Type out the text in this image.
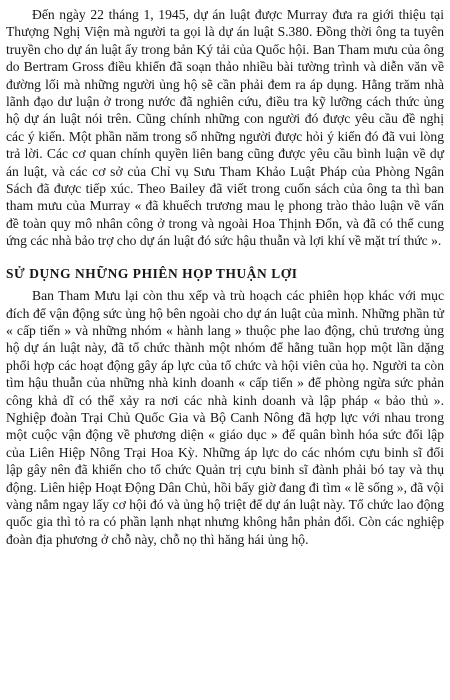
Đến ngày 22 tháng 1, 1945, dự án luật được Murray đưa ra giới thiệu tại Thượng Nghị Viện mà người ta gọi là dự án luật S.380. Đồng thời ông ta tuyên truyền cho dự án luật ấy trong bản Ký tải của Quốc hội. Ban Tham mưu của ông do Bertram Gross điều khiển đã soạn thảo nhiều bài tường trình và diễn văn về đường lối mà những người ủng hộ sẽ cần phải đem ra áp dụng. Hằng trăm nhà lãnh đạo dư luận ở trong nước đã nghiên cứu, điều tra kỹ lưỡng cách thức ủng hộ dự án luật nói trên. Cũng chính những con người đó được yêu cầu đề nghị các ý kiến. Một phần năm trong số những người được hỏi ý kiến đó đã vui lòng trả lời. Các cơ quan chính quyền liên bang cũng được yêu cầu bình luận về dự án luật, và các cơ sở của Chỉ vụ Sưu Tham Khảo Luật Pháp của Phòng Ngân Sách đã được tiếp xúc. Theo Bailey đã viết trong cuốn sách của ông ta thì ban tham mưu của Murray « đã khuếch trương mau lẹ phong trào thảo luận về vấn đề toàn quy mô nhân công ở trong và ngoài Hoa Thịnh Đốn, và đã có thể cung ứng các nhà bảo trợ cho dự án luật đó sức hậu thuẫn và lợi khí về mặt trí thức ».

SỬ DỤNG NHỮNG PHIÊN HỌP THUẬN LỢI

Ban Tham Mưu lại còn thu xếp và trù hoạch các phiên họp khác với mục đích để vận động sức ủng hộ bên ngoài cho dự án luật của mình. Những phần tử « cấp tiến » và những nhóm « hành lang » thuộc phe lao động, chủ trương ủng hộ dự án luật này, đã tổ chức thành một nhóm để hằng tuần họp một lần dặng phối hợp các hoạt động gây áp lực của tổ chức và hội viên của họ. Người ta còn tìm hậu thuẫn của những nhà kinh doanh « cấp tiến » để phòng ngừa sức phản công khả dĩ có thể xảy ra nơi các nhà kinh doanh và lập pháp « bảo thủ ». Nghiệp đoàn Trại Chủ Quốc Gia và Bộ Canh Nông đã hợp lực với nhau trong một cuộc vận động về phương diện « giáo dục » để quân bình hóa sức đối lập của Liên Hiệp Nông Trại Hoa Kỳ. Những áp lực do các nhóm cựu binh sĩ đối lập gây nên đã khiến cho tổ chức Quản trị cựu binh sĩ đành phải bó tay và thụ động. Liên hiệp Hoạt Động Dân Chủ, hồi bấy giờ đang đi tìm « lẽ sống », đã vội vàng nắm ngay lấy cơ hội đó và ủng hộ triệt để dự án luật này. Tổ chức lao động quốc gia thì tỏ ra có phần lạnh nhạt nhưng không hẳn phản đối. Còn các nghiệp đoàn địa phương ở chỗ này, chỗ nọ thì hăng hái ủng hộ.
